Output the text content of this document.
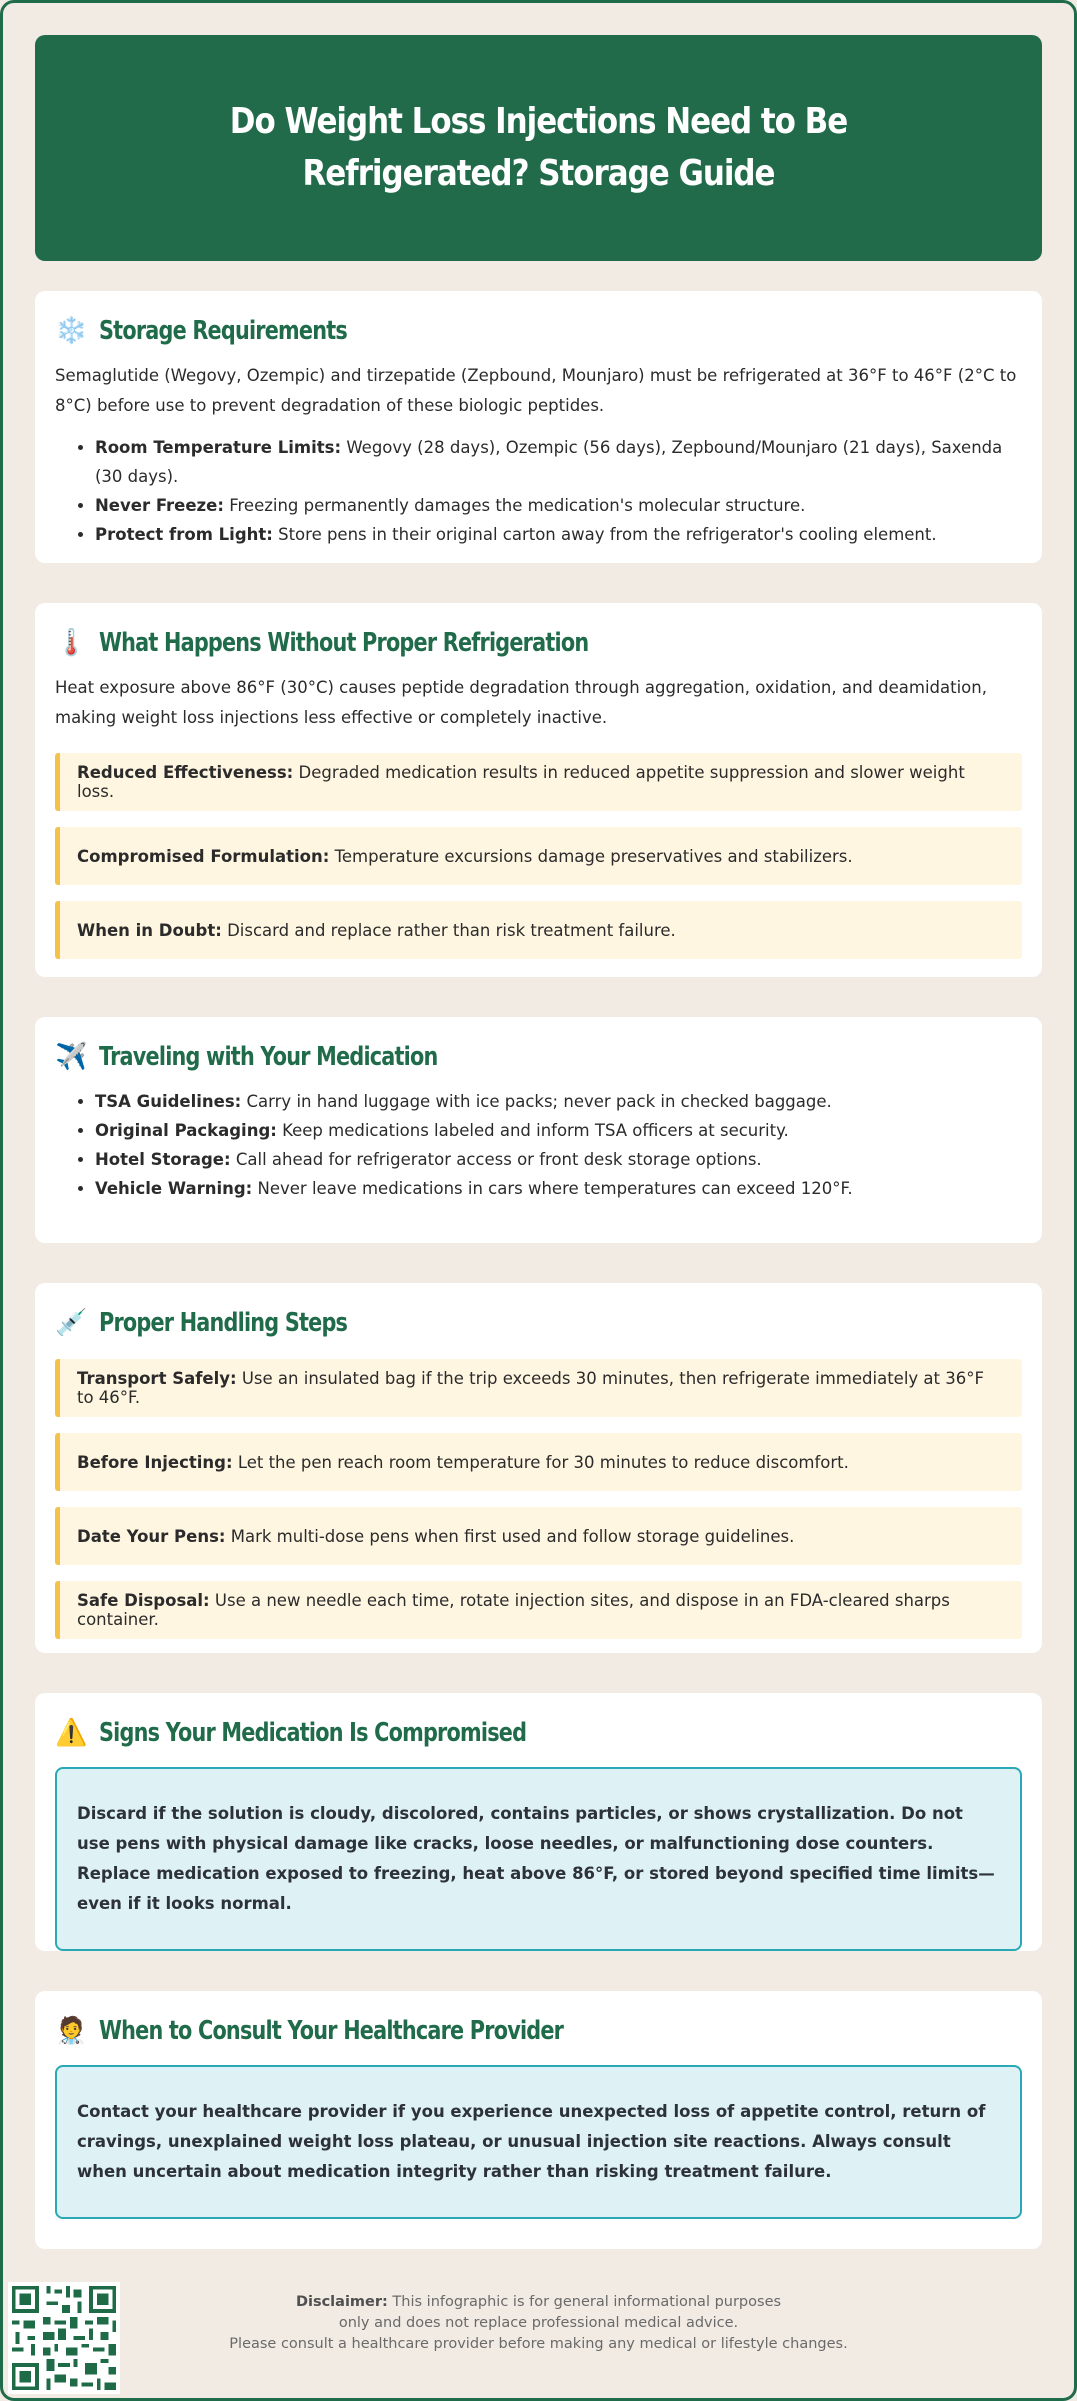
Do Weight Loss Injections Need to Be Refrigerated? Storage Guide
❄️ Storage Requirements

Semaglutide (Wegovy, Ozempic) and tirzepatide (Zepbound, Mounjaro) must be refrigerated at 36°F to 46°F (2°C to 8°C) before use to prevent degradation of these biologic peptides.

• Room Temperature Limits: Wegovy (28 days), Ozempic (56 days), Zepbound/Mounjaro (21 days), Saxenda (30 days).
• Never Freeze: Freezing permanently damages the medication's molecular structure.
• Protect from Light: Store pens in their original carton away from the refrigerator's cooling element.
🌡️ What Happens Without Proper Refrigeration

Heat exposure above 86°F (30°C) causes peptide degradation through aggregation, oxidation, and deamidation, making weight loss injections less effective or completely inactive.

Reduced Effectiveness: Degraded medication results in reduced appetite suppression and slower weight loss.
Compromised Formulation: Temperature excursions damage preservatives and stabilizers.
When in Doubt: Discard and replace rather than risk treatment failure.
✈️ Traveling with Your Medication
• TSA Guidelines: Carry in hand luggage with ice packs; never pack in checked baggage.
• Original Packaging: Keep medications labeled and inform TSA officers at security.
• Hotel Storage: Call ahead for refrigerator access or front desk storage options.
• Vehicle Warning: Never leave medications in cars where temperatures can exceed 120°F.
💉 Proper Handling Steps
Transport Safely: Use an insulated bag if the trip exceeds 30 minutes, then refrigerate immediately at 36°F to 46°F.
Before Injecting: Let the pen reach room temperature for 30 minutes to reduce discomfort.
Date Your Pens: Mark multi-dose pens when first used and follow storage guidelines.
Safe Disposal: Use a new needle each time, rotate injection sites, and dispose in an FDA-cleared sharps container.
⚠️ Signs Your Medication Is Compromised
Discard if the solution is cloudy, discolored, contains particles, or shows crystallization. Do not use pens with physical damage like cracks, loose needles, or malfunctioning dose counters. Replace medication exposed to freezing, heat above 86°F, or stored beyond specified time limits—even if it looks normal.
🧑‍⚕️ When to Consult Your Healthcare Provider
Contact your healthcare provider if you experience unexpected loss of appetite control, return of cravings, unexplained weight loss plateau, or unusual injection site reactions. Always consult when uncertain about medication integrity rather than risking treatment failure.
Disclaimer: This infographic is for general informational purposes
only and does not replace professional medical advice.
Please consult a healthcare provider before making any medical or lifestyle changes.
